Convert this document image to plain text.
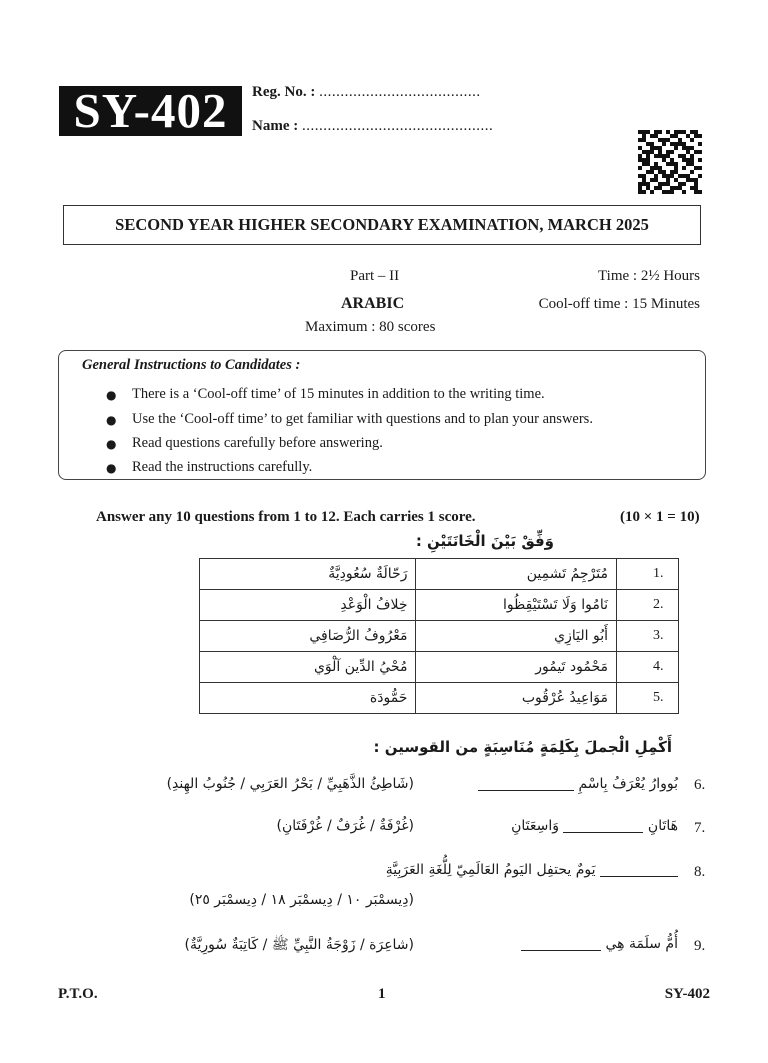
SY-402	Reg. No. : ......................................
Name : .............................................
SECOND YEAR HIGHER SECONDARY EXAMINATION, MARCH 2025
Part – II
ARABIC
Maximum : 80 scores
Time : 2½ Hours
Cool-off time : 15 Minutes
General Instructions to Candidates :
● There is a ‘Cool-off time’ of 15 minutes in addition to the writing time.
● Use the ‘Cool-off time’ to get familiar with questions and to plan your answers.
● Read questions carefully before answering.
● Read the instructions carefully.
Answer any 10 questions from 1 to 12. Each carries 1 score.	(10 × 1 = 10)
وَفِّقْ بَيْنَ الْخَانَتَيْنِ :
رَحّالَةٌ سُعُودِيَّةٌ	مُتَرْجِمُ تَشمِين	1.
خِلافُ الْوَعْدِ	نَامُوا وَلَا تَسْتَيْقِظُوا	2.
مَعْرُوفُ الرُّصَافِي	أَبُو اليَازِي	3.
مُحْيُ الدِّين آلْوَي	مَحْمُود تَيمُور	4.
حَمُّودَة	مَوَاعِيدُ عُرْقُوب	5.
أَكْمِلِ الْجملَ بِكَلِمَةٍ مُنَاسِبَةٍ من القوسين :
6.
بُووارُ يُعْرَفُ بِاسْمِ
(شَاطِئُ الذَّهَبِيِّ / بَحْرُ العَرَبِي / جُنُوبُ الهِندِ)
7.
هَاتَانِ  وَاسِعَتَانِ
(غُرْفَةٌ / غُرَفٌ / غُرْفَتَانِ)
8.
يَومٌ يحتفِل اليَومُ العَالَمِيّ لِلُّغَةِ العَرَبِيَّةِ
(دِيسمْبَر ١٠ / دِيسمْبَر ١٨ / دِيسمْبَر ٢٥)
9.
أُمُّ سلَمَة هِي
(شاعِرَة / زَوْجَةُ النَّبِيِّ ﷺ / كَاتِبَةٌ سُورِيَّةٌ)
P.T.O.	1	SY-402
